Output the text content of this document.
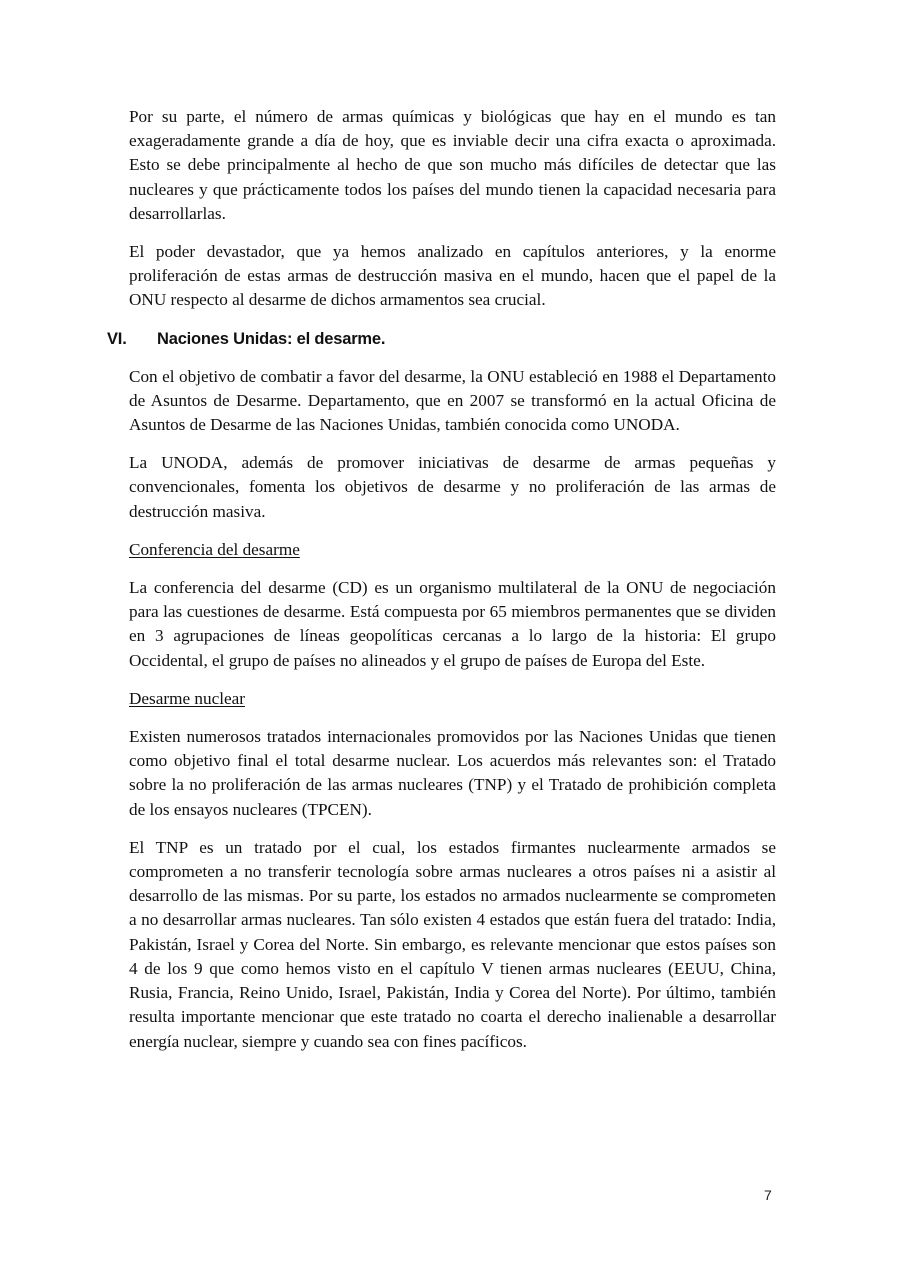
Por su parte, el número de armas químicas y biológicas que hay en el mundo es tan exageradamente grande a día de hoy, que es inviable decir una cifra exacta o aproximada. Esto se debe principalmente al hecho de que son mucho más difíciles de detectar que las nucleares y que prácticamente todos los países del mundo tienen la capacidad necesaria para desarrollarlas.

El poder devastador, que ya hemos analizado en capítulos anteriores, y la enorme proliferación de estas armas de destrucción masiva en el mundo, hacen que el papel de la ONU respecto al desarme de dichos armamentos sea crucial.

VI.	Naciones Unidas: el desarme.

Con el objetivo de combatir a favor del desarme, la ONU estableció en 1988 el Departamento de Asuntos de Desarme. Departamento, que en 2007 se transformó en la actual Oficina de Asuntos de Desarme de las Naciones Unidas, también conocida como UNODA.

La UNODA, además de promover iniciativas de desarme de armas pequeñas y convencionales, fomenta los objetivos de desarme y no proliferación de las armas de destrucción masiva.

Conferencia del desarme

La conferencia del desarme (CD) es un organismo multilateral de la ONU de negociación para las cuestiones de desarme. Está compuesta por 65 miembros permanentes que se dividen en 3 agrupaciones de líneas geopolíticas cercanas a lo largo de la historia: El grupo Occidental, el grupo de países no alineados y el grupo de países de Europa del Este.

Desarme nuclear

Existen numerosos tratados internacionales promovidos por las Naciones Unidas que tienen como objetivo final el total desarme nuclear. Los acuerdos más relevantes son: el Tratado sobre la no proliferación de las armas nucleares (TNP) y el Tratado de prohibición completa de los ensayos nucleares (TPCEN).

El TNP es un tratado por el cual, los estados firmantes nuclearmente armados se comprometen a no transferir tecnología sobre armas nucleares a otros países ni a asistir al desarrollo de las mismas. Por su parte, los estados no armados nuclearmente se comprometen a no desarrollar armas nucleares. Tan sólo existen 4 estados que están fuera del tratado: India, Pakistán, Israel y Corea del Norte. Sin embargo, es relevante mencionar que estos países son 4 de los 9 que como hemos visto en el capítulo V tienen armas nucleares (EEUU, China, Rusia, Francia, Reino Unido, Israel, Pakistán, India y Corea del Norte). Por último, también resulta importante mencionar que este tratado no coarta el derecho inalienable a desarrollar energía nuclear, siempre y cuando sea con fines pacíficos.

7
